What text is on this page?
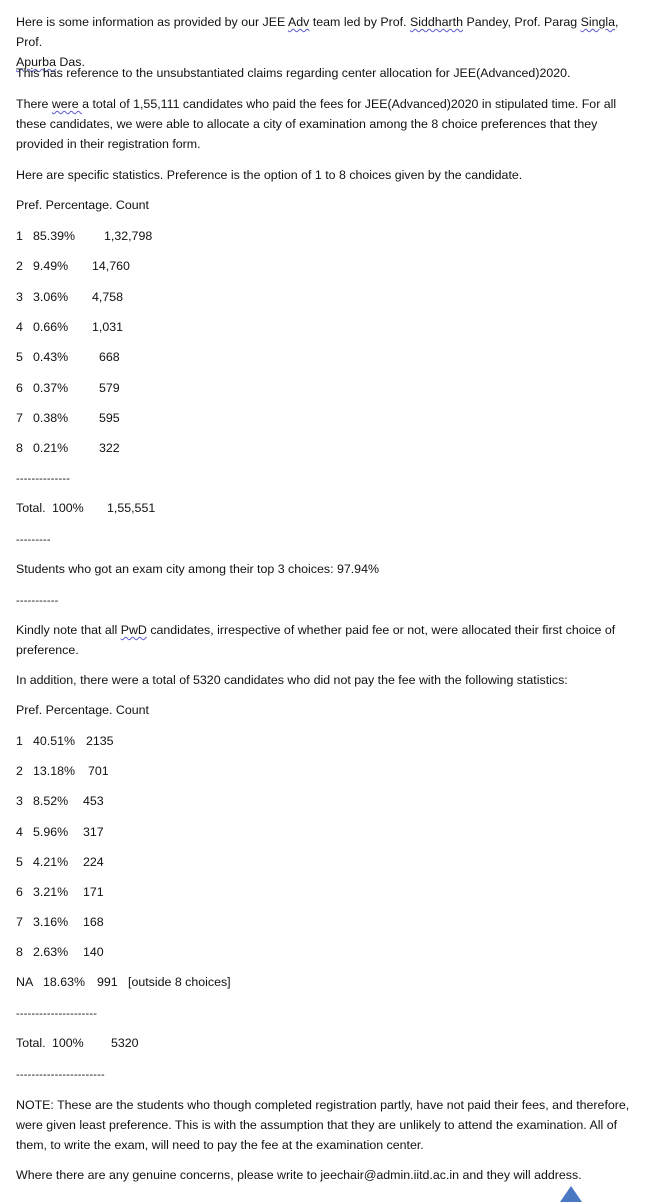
Here is some information as provided by our JEE Adv team led by Prof. Siddharth Pandey, Prof. Parag Singla, Prof.
Apurba Das.
This has reference to the unsubstantiated claims regarding center allocation for JEE(Advanced)2020.
There were a total of 1,55,111 candidates who paid the fees for JEE(Advanced)2020 in stipulated time. For all these candidates, we were able to allocate a city of examination among the 8 choice preferences that they provided in their registration form.
Here are specific statistics. Preference is the option of 1 to 8 choices given by the candidate.
Pref. Percentage. Count
1 85.39% 1,32,798
2 9.49% 14,760
3 3.06% 4,758
4 0.66% 1,031
5 0.43% 668
6 0.37% 579
7 0.38% 595
8 0.21% 322
--------------
Total. 100% 1,55,551
---------
Students who got an exam city among their top 3 choices: 97.94%
-----------
Kindly note that all PwD candidates, irrespective of whether paid fee or not, were allocated their first choice of preference.
In addition, there were a total of 5320 candidates who did not pay the fee with the following statistics:
Pref. Percentage. Count
1 40.51% 2135
2 13.18% 701
3 8.52% 453
4 5.96% 317
5 4.21% 224
6 3.21% 171
7 3.16% 168
8 2.63% 140
NA 18.63% 991 [outside 8 choices]
---------------------
Total. 100% 5320
-----------------------
NOTE: These are the students who though completed registration partly, have not paid their fees, and therefore, were given least preference. This is with the assumption that they are unlikely to attend the examination. All of them, to write the exam, will need to pay the fee at the examination center.
Where there are any genuine concerns, please write to jeechair@admin.iitd.ac.in and they will address.
